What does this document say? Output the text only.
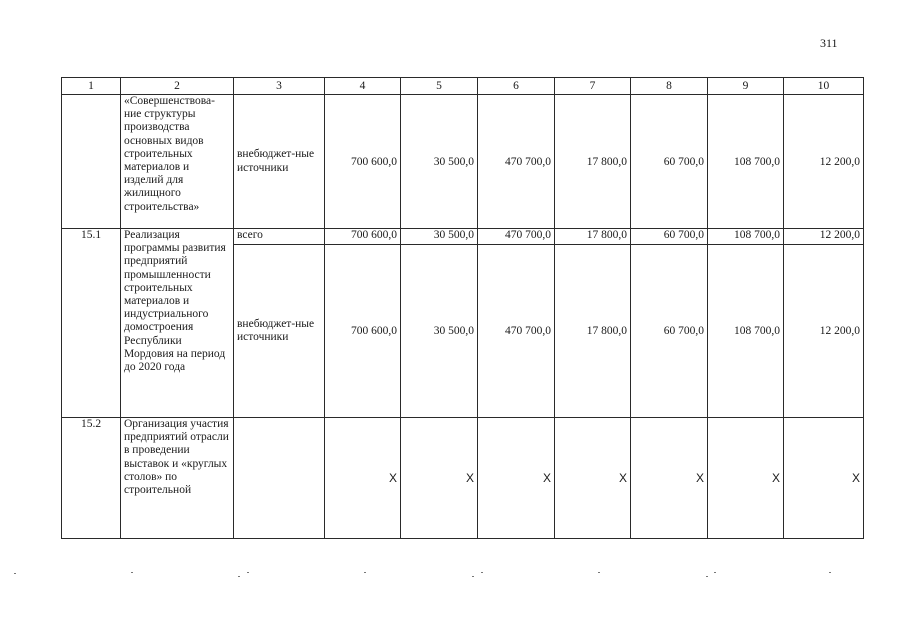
311
1	2	3	4	5	6	7	8	9	10
	«Совершенствова-ние структуры производства основных видов строительных материалов и изделий для жилищного строительства»	внебюджет-ные источники	700 600,0	30 500,0	470 700,0	17 800,0	60 700,0	108 700,0	12 200,0
15.1	Реализация программы развития предприятий промышленности строительных материалов и индустриального домостроения Республики Мордовия на период до 2020 года	всего	700 600,0	30 500,0	470 700,0	17 800,0	60 700,0	108 700,0	12 200,0
		внебюджет-ные источники	700 600,0	30 500,0	470 700,0	17 800,0	60 700,0	108 700,0	12 200,0
15.2	Организация участия предприятий отрасли в проведении выставок и «круглых столов» по строительной		Х	Х	Х	Х	Х	Х	Х
